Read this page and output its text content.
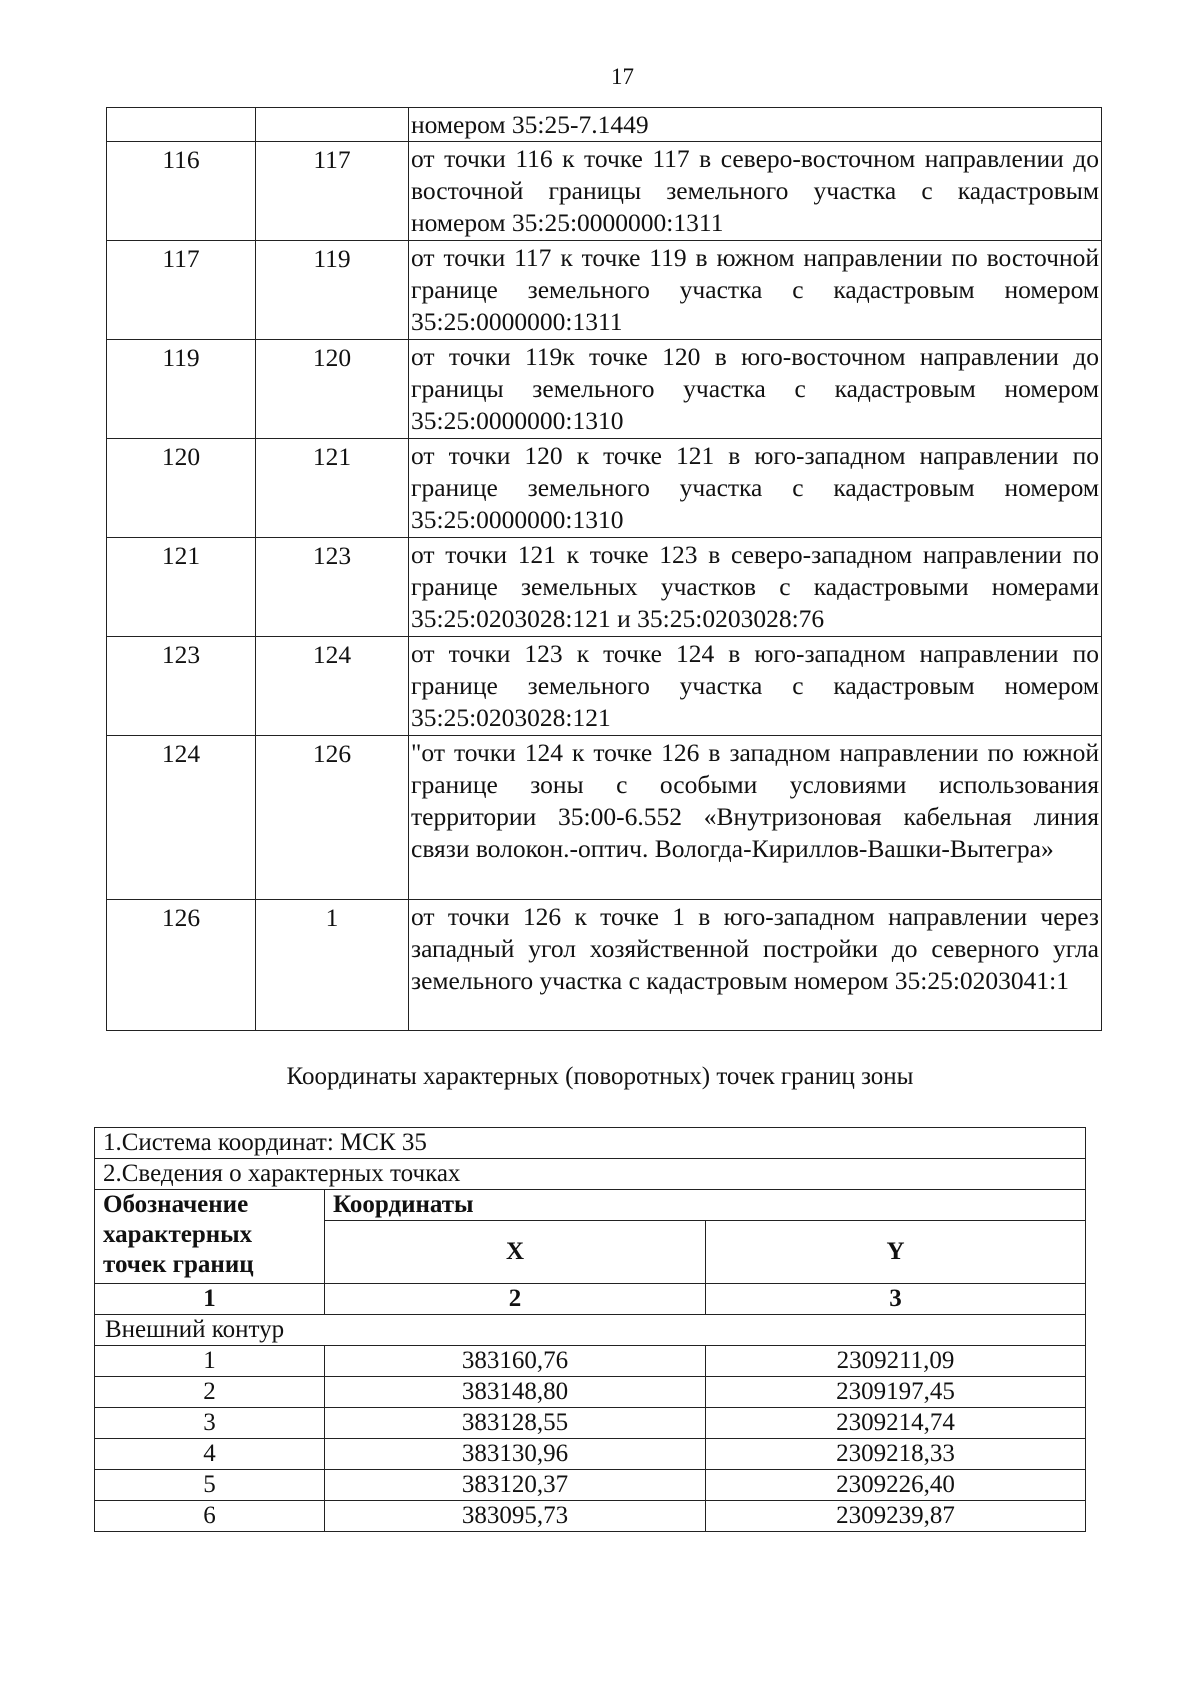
17
		номером 35:25-7.1449
116	117	от точки 116 к точке 117 в северо-восточном направлении до восточной границы земельного участка с кадастровым номером 35:25:0000000:1311
117	119	от точки 117 к точке 119 в южном направлении по восточной границе земельного участка с кадастровым номером 35:25:0000000:1311
119	120	от точки 119к точке 120 в юго-восточном направлении до границы земельного участка с кадастровым номером 35:25:0000000:1310
120	121	от точки 120 к точке 121 в юго-западном направлении по границе земельного участка с кадастровым номером 35:25:0000000:1310
121	123	от точки 121 к точке 123 в северо-западном направлении по границе земельных участков с кадастровыми номерами 35:25:0203028:121 и 35:25:0203028:76
123	124	от точки 123 к точке 124 в юго-западном направлении по границе земельного участка с кадастровым номером 35:25:0203028:121
124	126	"от точки 124 к точке 126 в западном направлении по южной границе зоны с особыми условиями использования территории 35:00-6.552 «Внутризоновая кабельная линия связи волокон.-оптич. Вологда-Кириллов-Вашки-Вытегра»
126	1	от точки 126 к точке 1 в юго-западном направлении через западный угол хозяйственной постройки до северного угла земельного участка с кадастровым номером 35:25:0203041:1
Координаты характерных (поворотных) точек границ зоны
1.Система координат: МСК 35		
2.Сведения о характерных точках		
Обозначение характерных точек границ	Координаты	
	X	Y
1	2	3
Внешний контур		
1	383160,76	2309211,09
2	383148,80	2309197,45
3	383128,55	2309214,74
4	383130,96	2309218,33
5	383120,37	2309226,40
6	383095,73	2309239,87
